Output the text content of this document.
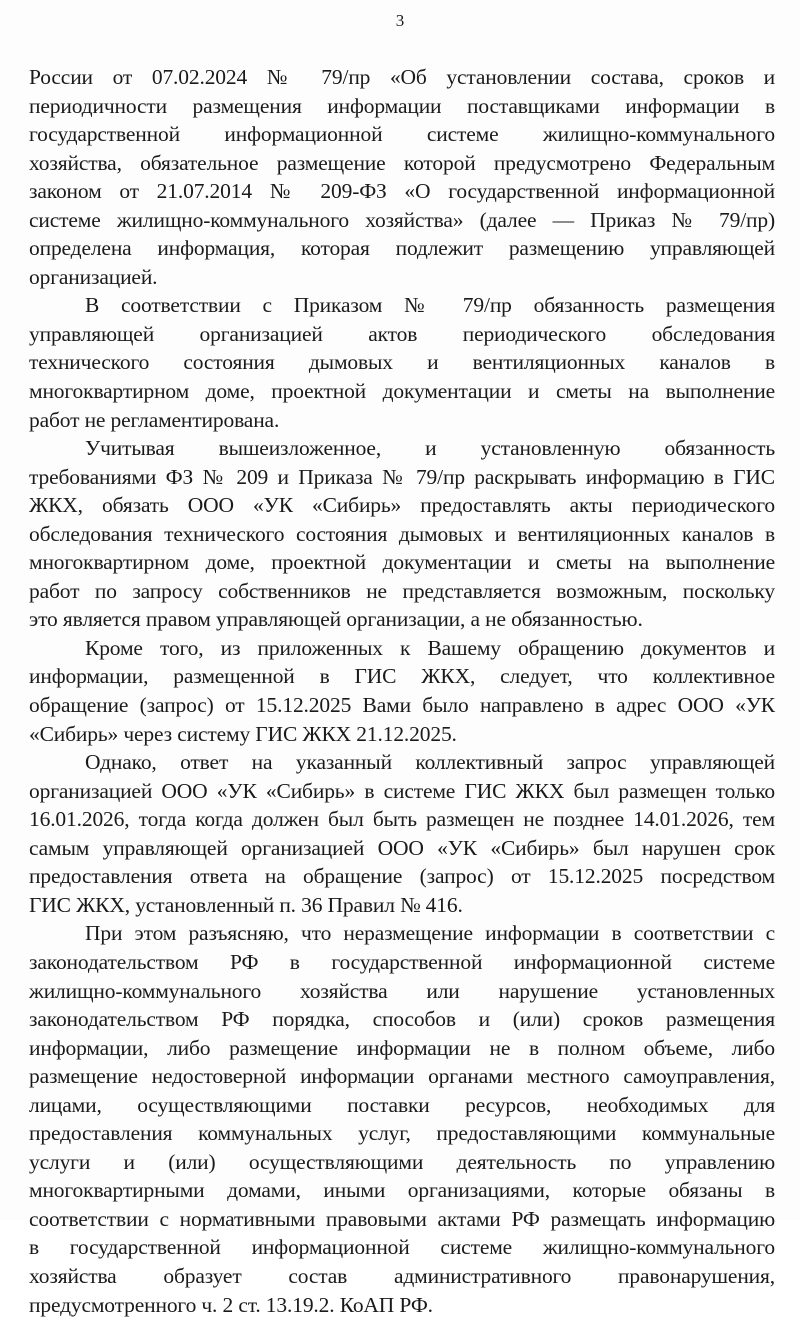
3
России от 07.02.2024 № 79/пр «Об установлении состава, сроков и
периодичности размещения информации поставщиками информации в
государственной информационной системе жилищно-коммунального
хозяйства, обязательное размещение которой предусмотрено Федеральным
законом от 21.07.2014 № 209-ФЗ «О государственной информационной
системе жилищно-коммунального хозяйства» (далее — Приказ № 79/пр)
определена информация, которая подлежит размещению управляющей
организацией.
В соответствии с Приказом № 79/пр обязанность размещения
управляющей организацией актов периодического обследования
технического состояния дымовых и вентиляционных каналов в
многоквартирном доме, проектной документации и сметы на выполнение
работ не регламентирована.
Учитывая вышеизложенное, и установленную обязанность
требованиями ФЗ № 209 и Приказа № 79/пр раскрывать информацию в ГИС
ЖКХ, обязать ООО «УК «Сибирь» предоставлять акты периодического
обследования технического состояния дымовых и вентиляционных каналов в
многоквартирном доме, проектной документации и сметы на выполнение
работ по запросу собственников не представляется возможным, поскольку
это является правом управляющей организации, а не обязанностью.
Кроме того, из приложенных к Вашему обращению документов и
информации, размещенной в ГИС ЖКХ, следует, что коллективное
обращение (запрос) от 15.12.2025 Вами было направлено в адрес ООО «УК
«Сибирь» через систему ГИС ЖКХ 21.12.2025.
Однако, ответ на указанный коллективный запрос управляющей
организацией ООО «УК «Сибирь» в системе ГИС ЖКХ был размещен только
16.01.2026, тогда когда должен был быть размещен не позднее 14.01.2026, тем
самым управляющей организацией ООО «УК «Сибирь» был нарушен срок
предоставления ответа на обращение (запрос) от 15.12.2025 посредством
ГИС ЖКХ, установленный п. 36 Правил № 416.
При этом разъясняю, что неразмещение информации в соответствии с
законодательством РФ в государственной информационной системе
жилищно-коммунального хозяйства или нарушение установленных
законодательством РФ порядка, способов и (или) сроков размещения
информации, либо размещение информации не в полном объеме, либо
размещение недостоверной информации органами местного самоуправления,
лицами, осуществляющими поставки ресурсов, необходимых для
предоставления коммунальных услуг, предоставляющими коммунальные
услуги и (или) осуществляющими деятельность по управлению
многоквартирными домами, иными организациями, которые обязаны в
соответствии с нормативными правовыми актами РФ размещать информацию
в государственной информационной системе жилищно-коммунального
хозяйства образует состав административного правонарушения,
предусмотренного ч. 2 ст. 13.19.2. КоАП РФ.
